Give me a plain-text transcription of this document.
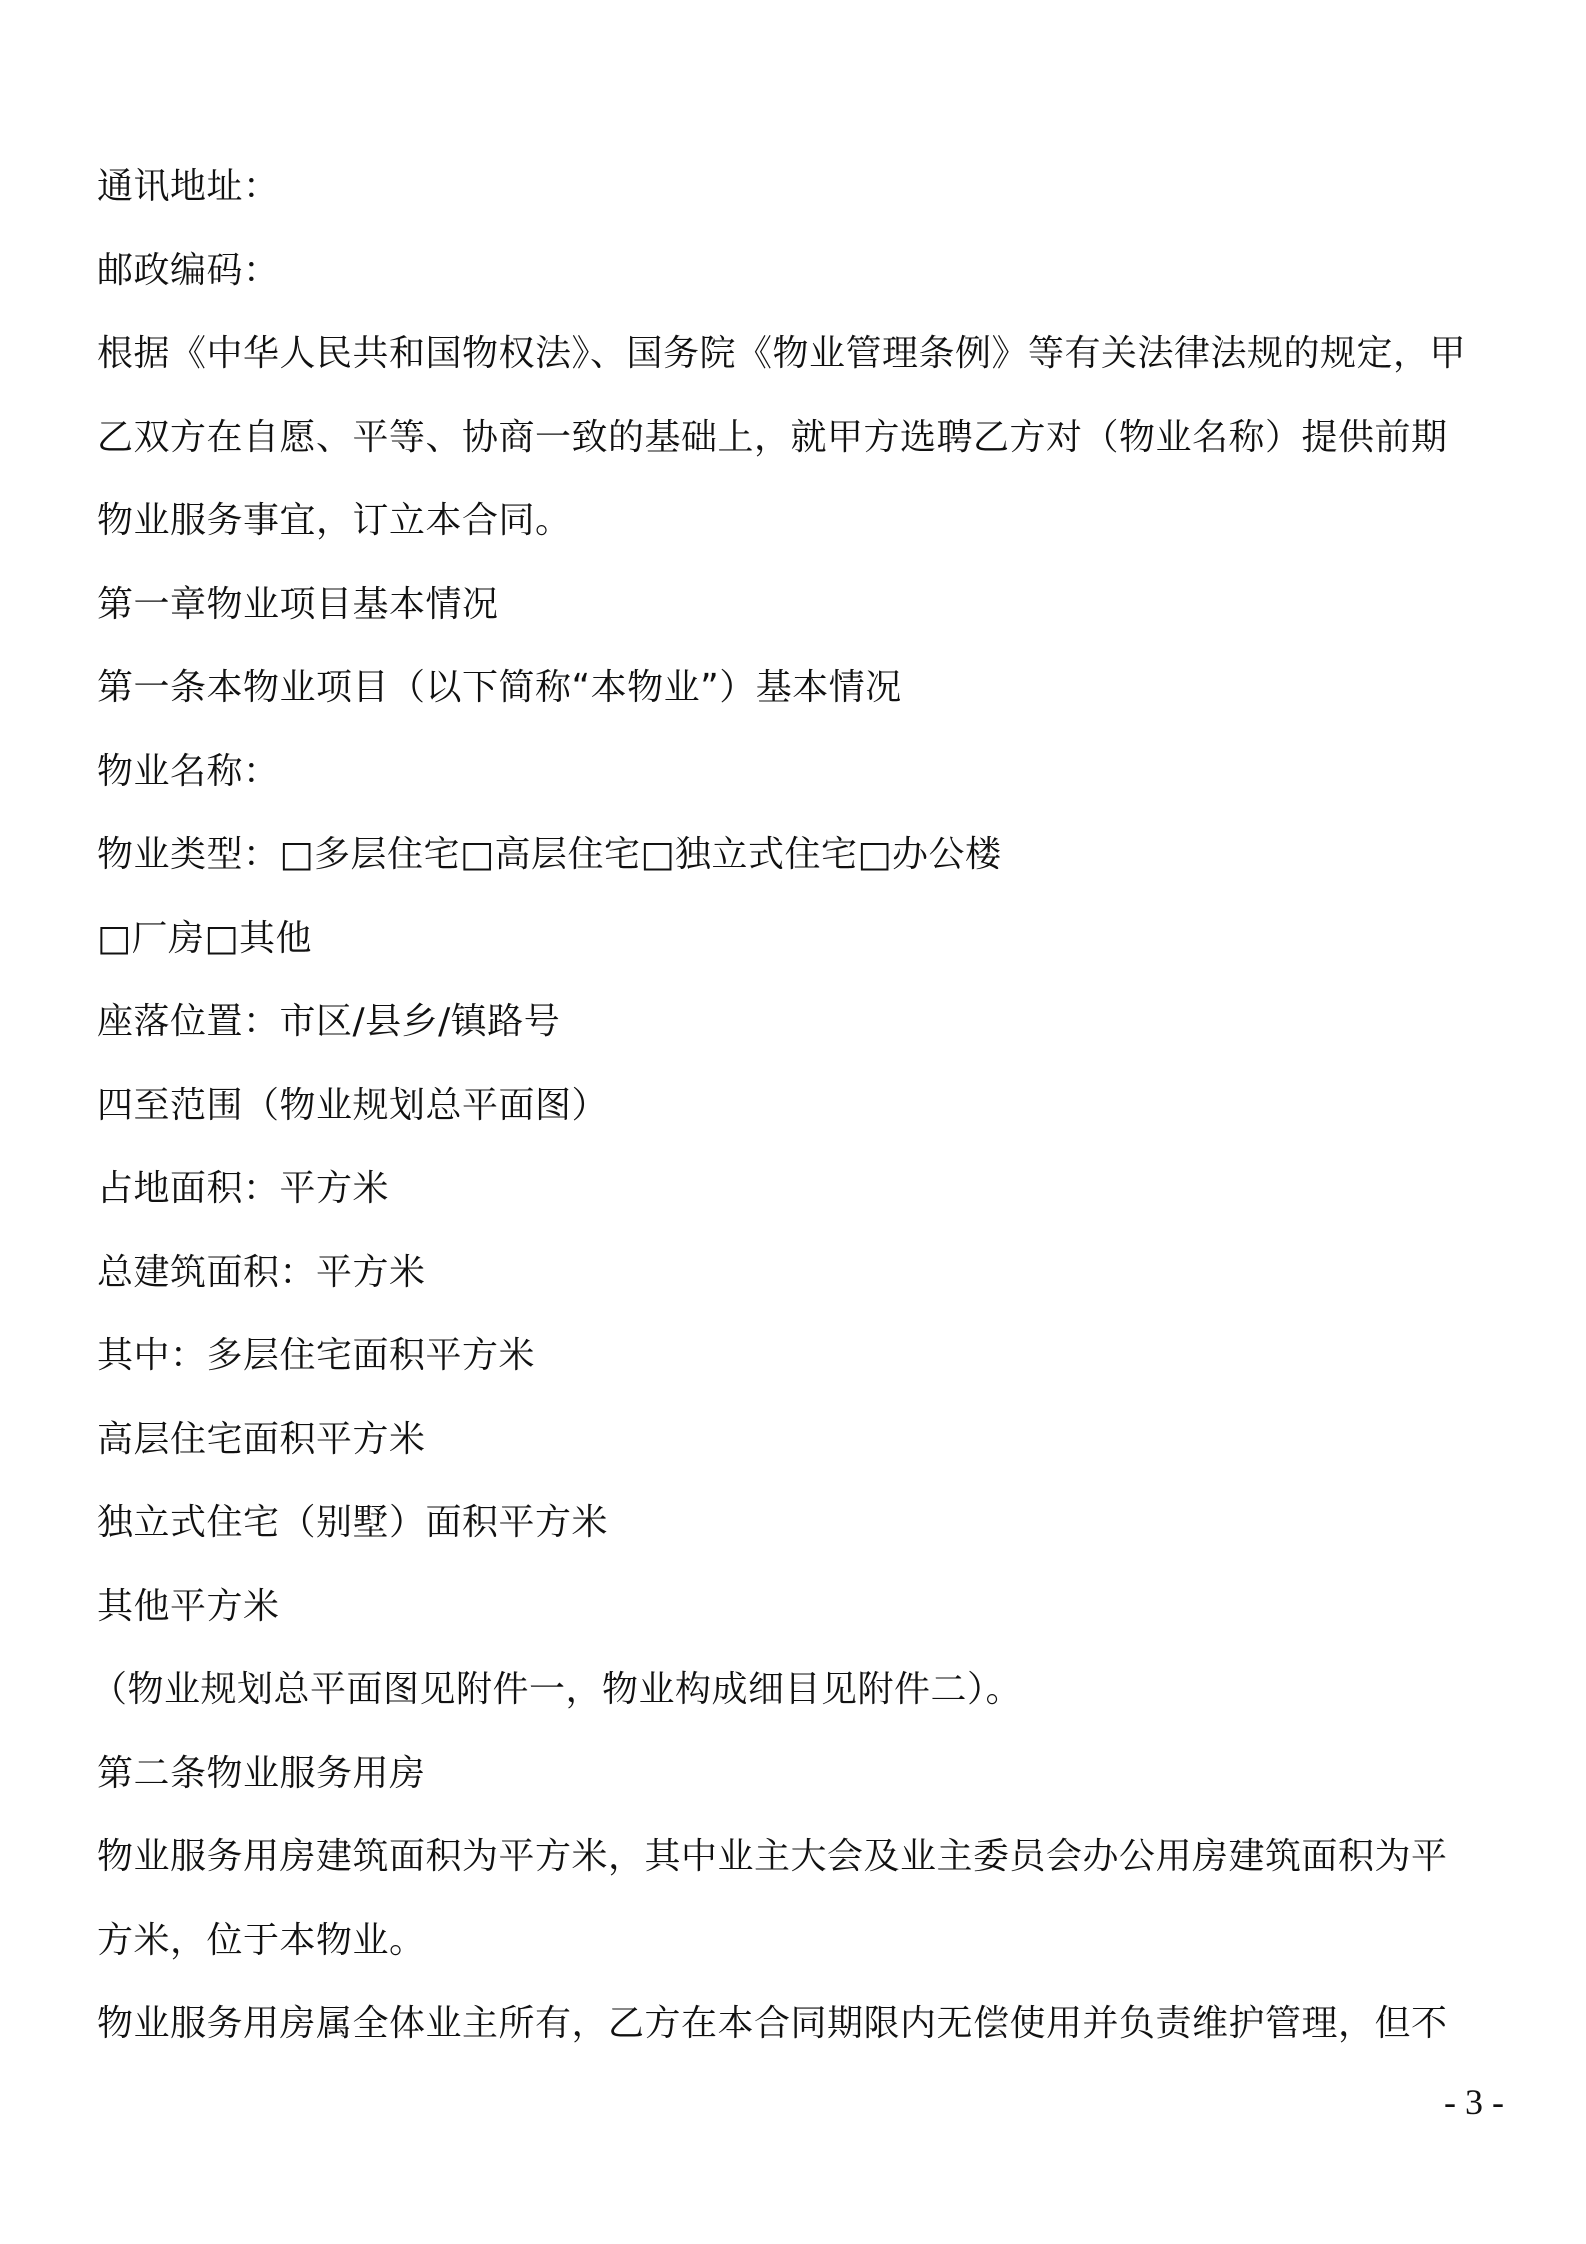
通讯地址：
邮政编码：
根据《中华人民共和国物权法》、国务院《物业管理条例》等有关法律法规的规定，甲
乙双方在自愿、平等、协商一致的基础上，就甲方选聘乙方对（物业名称）提供前期
物业服务事宜，订立本合同。
第一章物业项目基本情况
第一条本物业项目（以下简称“本物业”）基本情况
物业名称：
物业类型：□多层住宅□高层住宅□独立式住宅□办公楼
□厂房□其他
座落位置：市区/县乡/镇路号
四至范围（物业规划总平面图）
占地面积：平方米
总建筑面积：平方米
其中：多层住宅面积平方米
高层住宅面积平方米
独立式住宅（别墅）面积平方米
其他平方米
（物业规划总平面图见附件一，物业构成细目见附件二）。
第二条物业服务用房
物业服务用房建筑面积为平方米，其中业主大会及业主委员会办公用房建筑面积为平
方米，位于本物业。
物业服务用房属全体业主所有，乙方在本合同期限内无偿使用并负责维护管理，但不
- 3 -
